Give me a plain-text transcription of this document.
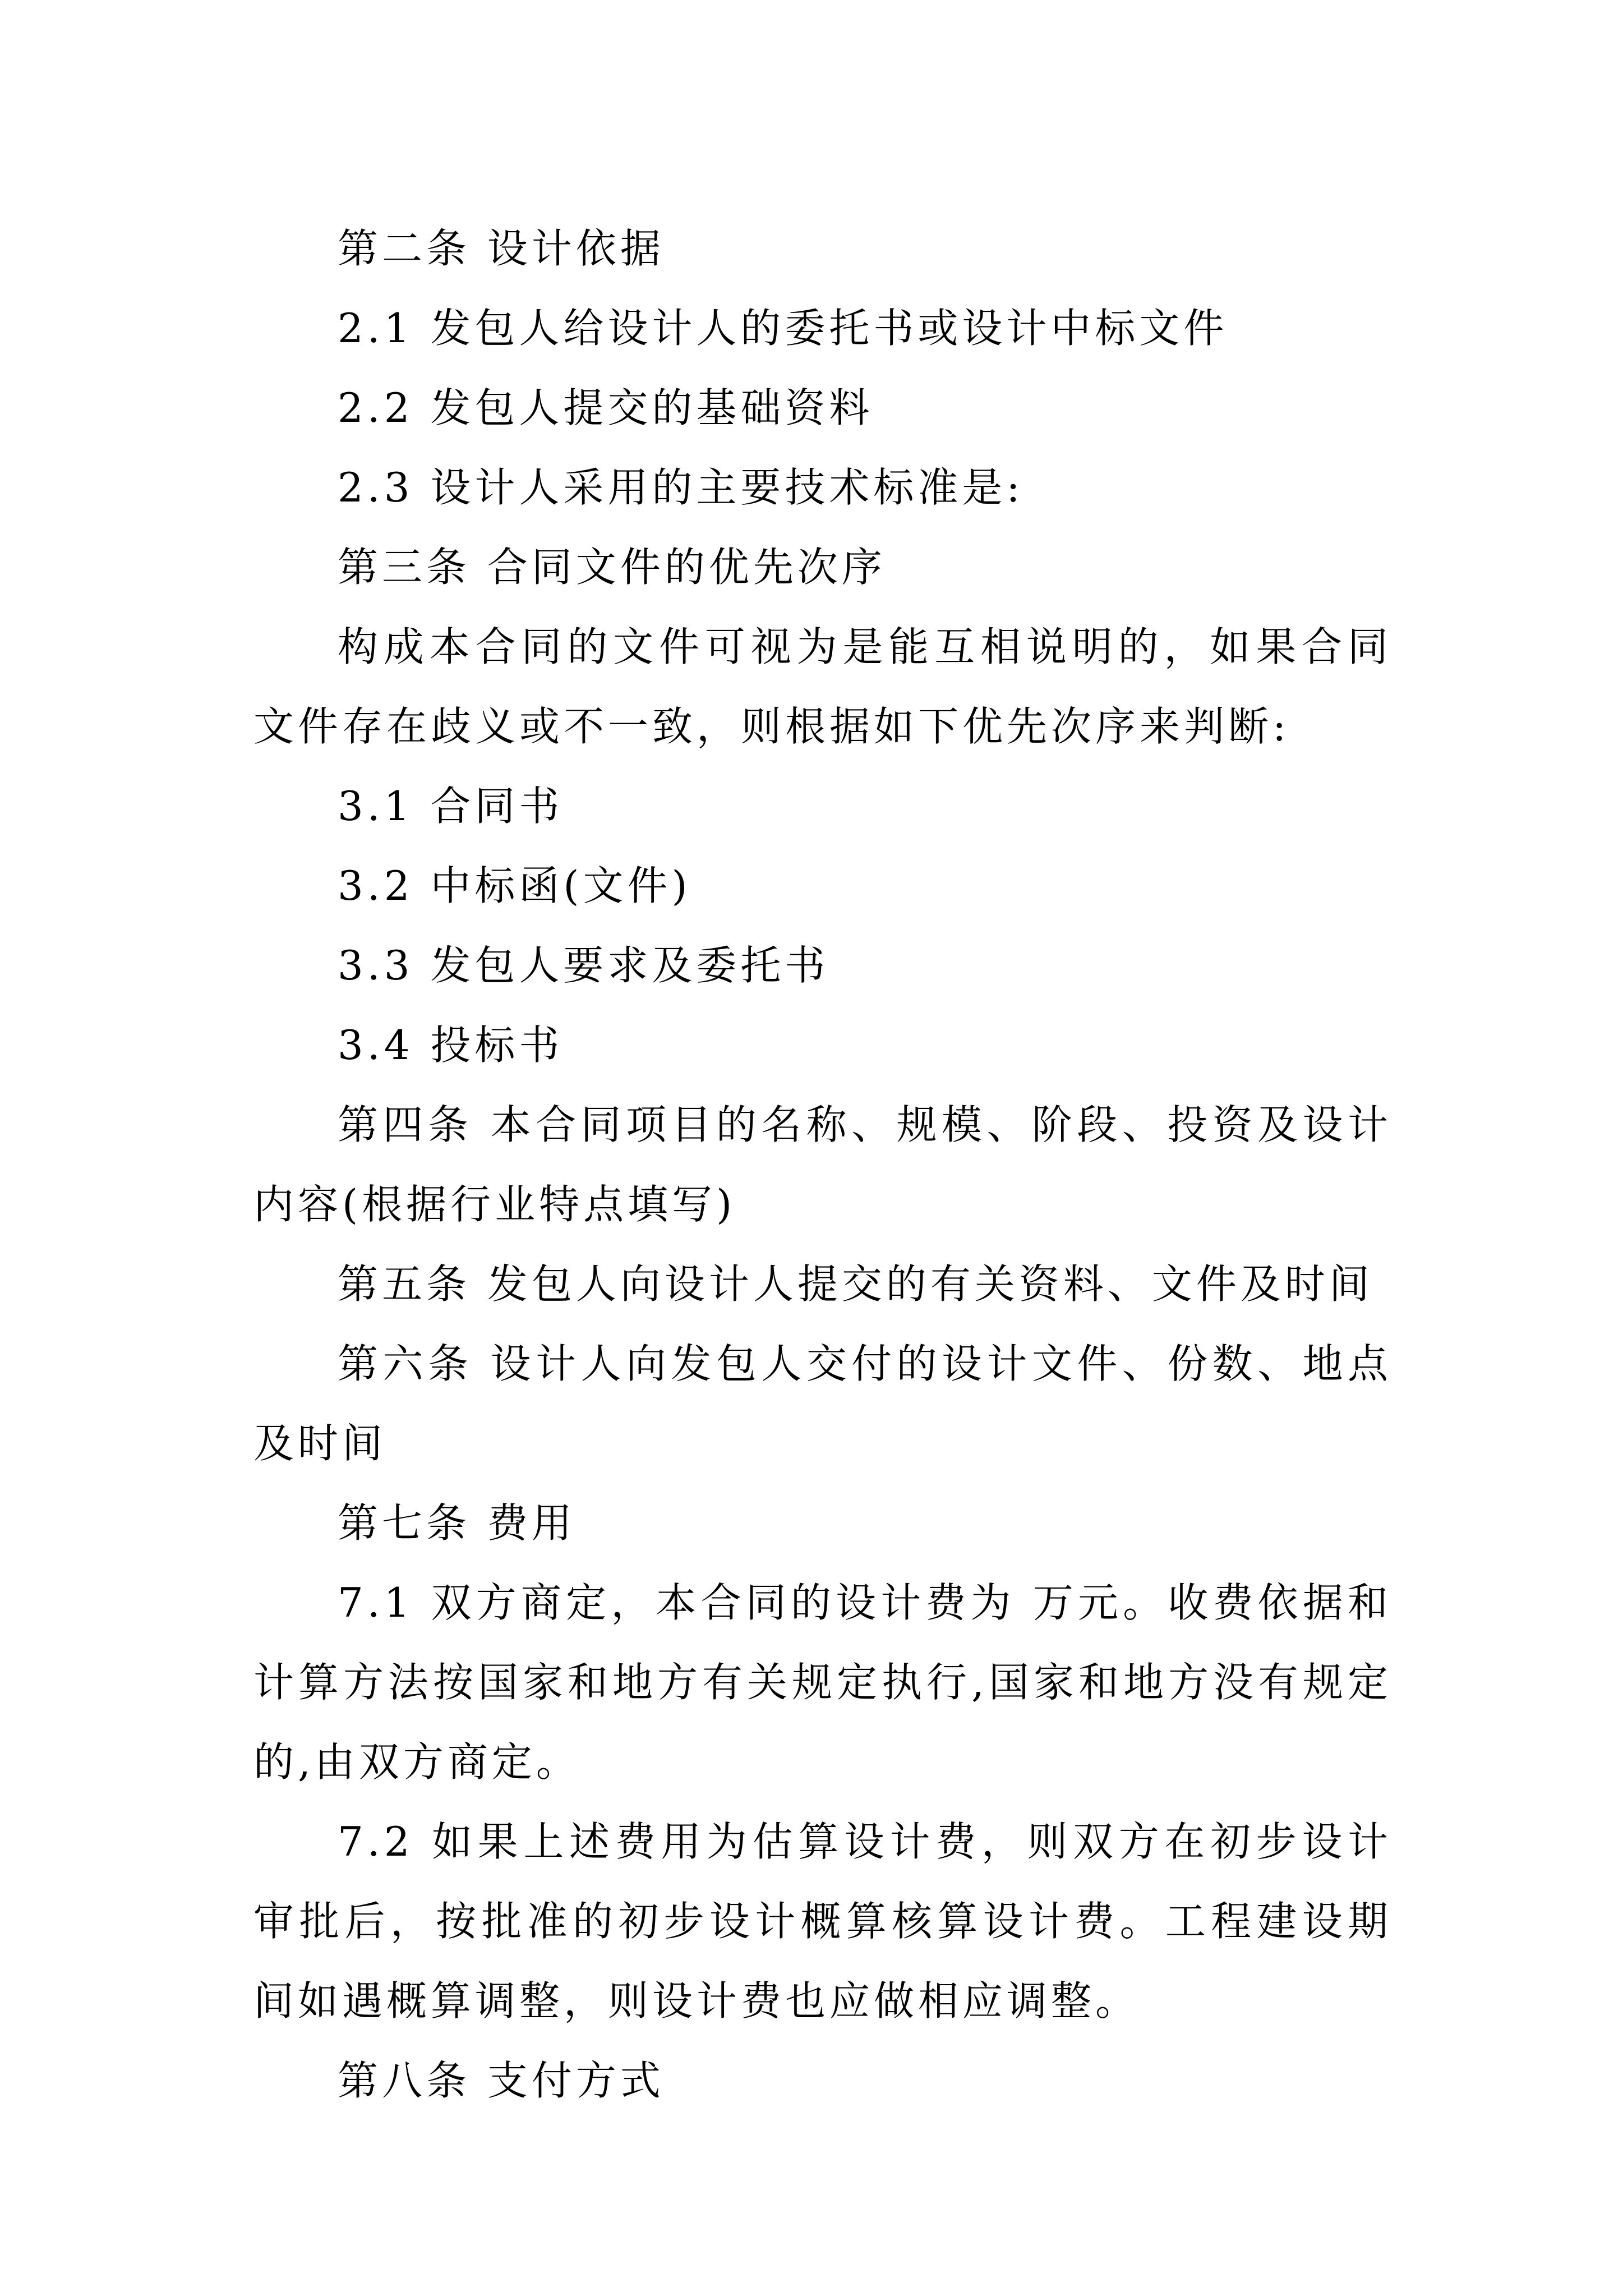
第二条 设计依据

2.1 发包人给设计人的委托书或设计中标文件

2.2 发包人提交的基础资料

2.3 设计人采用的主要技术标准是:

第三条 合同文件的优先次序

构成本合同的文件可视为是能互相说明的，如果合同文件存在歧义或不一致，则根据如下优先次序来判断:

3.1 合同书

3.2 中标函(文件)

3.3 发包人要求及委托书

3.4 投标书

第四条 本合同项目的名称、规模、阶段、投资及设计内容(根据行业特点填写)

第五条 发包人向设计人提交的有关资料、文件及时间

第六条 设计人向发包人交付的设计文件、份数、地点及时间

第七条 费用

7.1 双方商定，本合同的设计费为 万元。收费依据和计算方法按国家和地方有关规定执行,国家和地方没有规定的,由双方商定。

7.2 如果上述费用为估算设计费，则双方在初步设计审批后，按批准的初步设计概算核算设计费。工程建设期间如遇概算调整，则设计费也应做相应调整。

第八条 支付方式
